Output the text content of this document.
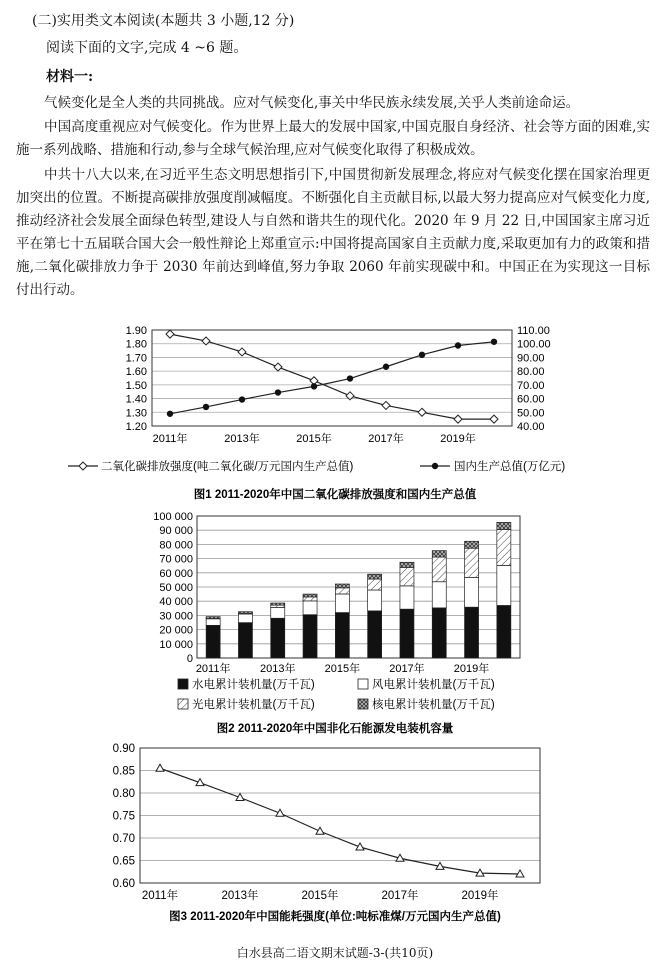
(二)实用类文本阅读(本题共 3 小题,12 分)
阅读下面的文字,完成 4 ~6 题。
材料一:
气候变化是全人类的共同挑战。应对气候变化,事关中华民族永续发展,关乎人类前途命运。
中国高度重视应对气候变化。作为世界上最大的发展中国家,中国克服自身经济、社会等方面的困难,实施一系列战略、措施和行动,参与全球气候治理,应对气候变化取得了积极成效。
中共十八大以来,在习近平生态文明思想指引下,中国贯彻新发展理念,将应对气候变化摆在国家治理更加突出的位置。不断提高碳排放强度削减幅度。不断强化自主贡献目标,以最大努力提高应对气候变化力度,推动经济社会发展全面绿色转型,建设人与自然和谐共生的现代化。2020 年 9 月 22 日,中国国家主席习近平在第七十五届联合国大会一般性辩论上郑重宣示:中国将提高国家自主贡献力度,采取更加有力的政策和措施,二氧化碳排放力争于 2030 年前达到峰值,努力争取 2060 年前实现碳中和。中国正在为实现这一目标付出行动。
1.90	110.00
1.80	100.00
1.70	90.00
1.60	80.00
1.50	70.00
1.40	60.00
1.30	50.00
1.20	40.00
2011年	2013年	2015年	2017年	2019年
二氧化碳排放强度(吨二氧化碳/万元国内生产总值)	国内生产总值(万亿元)
图1 2011-2020年中国二氧化碳排放强度和国内生产总值
100 000
90 000
80 000
70 000
60 000
50 000
40 000
30 000
20 000
10 000
0
2011年	2013年	2015年	2017年	2019年
水电累计装机量(万千瓦)	风电累计装机量(万千瓦)
光电累计装机量(万千瓦)	核电累计装机量(万千瓦)
图2 2011-2020年中国非化石能源发电装机容量
0.90
0.85
0.80
0.75
0.70
0.65
0.60
2011年	2013年	2015年	2017年	2019年
图3 2011-2020年中国能耗强度(单位:吨标准煤/万元国内生产总值)
白水县高二语文期末试题-3-(共10页)
